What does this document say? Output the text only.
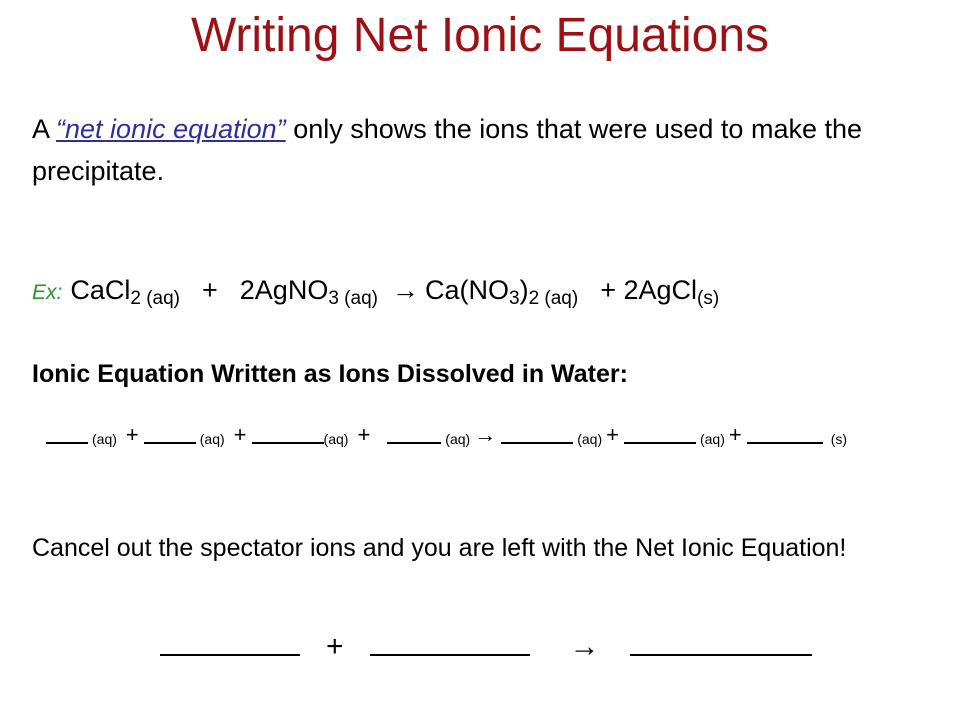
Writing Net Ionic Equations
A “net ionic equation” only shows the ions that were used to make the precipitate.
Ex: CaCl$_{2 (aq)}$ + 2AgNO$_{3 (aq)}$ → $Ca(NO_3)_{2 (aq)}$ + 2AgCl$_{(s)}$
Ionic Equation Written as Ions Dissolved in Water:
(aq) +	(aq) +	(aq) +	(aq) →	(aq) +	(aq) +	(s)
Cancel out the spectator ions and you are left with the Net Ionic Equation!
+	→
